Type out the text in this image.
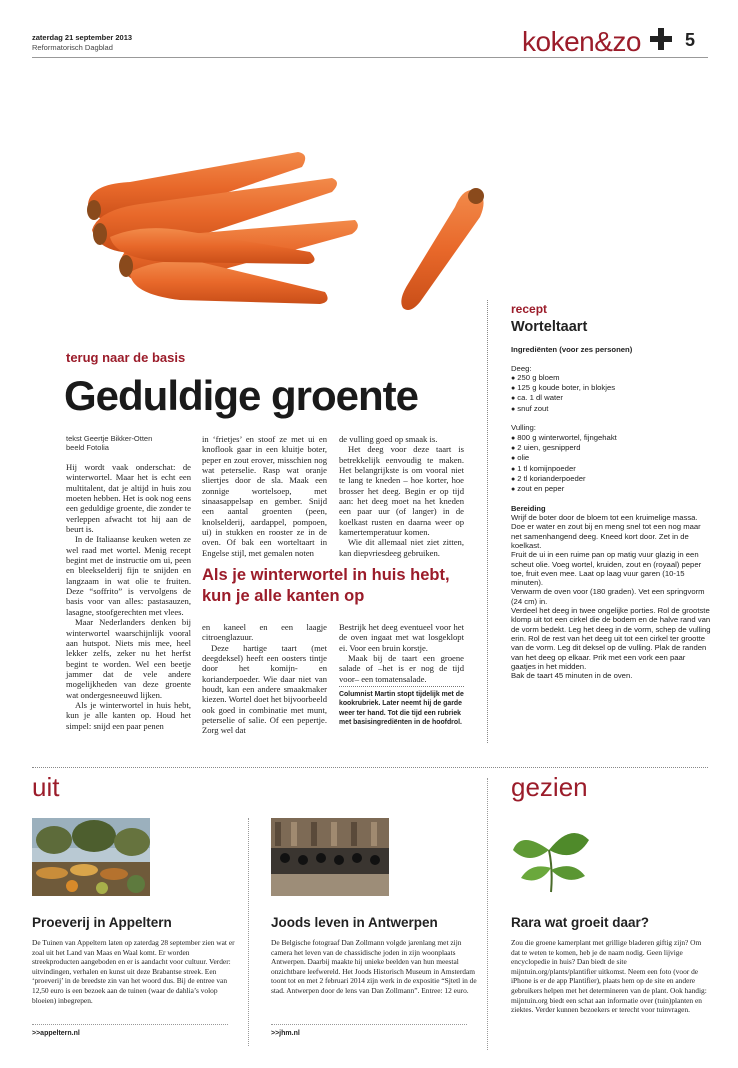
zaterdag 21 september 2013
Reformatorisch Dagblad	koken&zo 5
terug naar de basis
Geduldige groente
tekst Geertje Bikker-Otten
beeld Fotolia

Hij wordt vaak onderschat: de winterwortel. Maar het is echt een multitalent, dat je altijd in huis zou moeten hebben. Het is ook nog eens een geduldige groente, die zonder te verleppen afwacht tot hij aan de beurt is.

In de Italiaanse keuken weten ze wel raad met wortel. Menig recept begint met de instructie om ui, peen en bleekselderij fijn te snijden en langzaam in wat olie te fruiten. Deze “soffrito” is vervolgens de basis voor van alles: pastasauzen, lasagne, stoofgerechten met vlees.

Maar Nederlanders denken bij winterwortel waarschijnlijk vooral aan hutspot. Niets mis mee, heel lekker zelfs, zeker nu het herfst begint te worden. Wel een beetje jammer dat de vele andere mogelijkheden van deze groente wat ondergesneeuwd lijken.

Als je winterwortel in huis hebt, kun je alle kanten op. Houd het simpel: snijd een paar penen

in ‘frietjes’ en stoof ze met ui en knoflook gaar in een kluitje boter, peper en zout erover, misschien nog wat peterselie. Rasp wat oranje sliertjes door de sla. Maak een zonnige wortelsoep, met sinaasappelsap en gember. Snijd een aantal groenten (peen, knolselderij, aardappel, pompoen, ui) in stukken en rooster ze in de oven. Of bak een worteltaart in Engelse stijl, met gemalen noten

de vulling goed op smaak is.

Het deeg voor deze taart is betrekkelijk eenvoudig te maken. Het belangrijkste is om vooral niet te lang te kneden – hoe korter, hoe brosser het deeg. Begin er op tijd aan: het deeg moet na het kneden een paar uur (of langer) in de koelkast rusten en daarna weer op kamertemperatuur komen.

Wie dit allemaal niet ziet zitten, kan diepvriesdeeg gebruiken.

Als je winterwortel in huis hebt, kun je alle kanten op

en kaneel en een laagje citroenglazuur.

Deze hartige taart (met deegdeksel) heeft een oosters tintje door het komijn- en korianderpoeder. Wie daar niet van houdt, kan een andere smaakmaker kiezen. Wortel doet het bijvoorbeeld ook goed in combinatie met munt, peterselie of salie. Of een pepertje. Zorg wel dat

Bestrijk het deeg eventueel voor het de oven ingaat met wat losgeklopt ei. Voor een bruin korstje.

Maak bij de taart een groene salade of –het is er nog de tijd voor– een tomatensalade.

Columnist Martin stopt tijdelijk met de kookrubriek. Later neemt hij de garde weer ter hand. Tot die tijd een rubriek met basisingrediënten in de hoofdrol.
recept
Worteltaart
Ingrediënten (voor zes personen)
Deeg:
● 250 g bloem
● 125 g koude boter, in blokjes
● ca. 1 dl water
● snuf zout
Vulling:
● 800 g winterwortel, fijngehakt
● 2 uien, gesnipperd
● olie
● 1 tl komijnpoeder
● 2 tl korianderpoeder
● zout en peper
Bereiding
Wrijf de boter door de bloem tot een kruimelige massa. Doe er water en zout bij en meng snel tot een nog maar net samenhangend deeg. Kneed kort door. Zet in de koelkast.
Fruit de ui in een ruime pan op matig vuur glazig in een scheut olie. Voeg wortel, kruiden, zout en (royaal) peper toe, fruit even mee. Laat op laag vuur garen (10-15 minuten).
Verwarm de oven voor (180 graden). Vet een springvorm (24 cm) in.
Verdeel het deeg in twee ongelijke porties. Rol de grootste klomp uit tot een cirkel die de bodem en de halve rand van de vorm bedekt. Leg het deeg in de vorm, schep de vulling erin. Rol de rest van het deeg uit tot een cirkel ter grootte van de vorm. Leg dit deksel op de vulling. Plak de randen van het deeg op elkaar. Prik met een vork een paar gaatjes in het midden.
Bak de taart 45 minuten in de oven.
uit	gezien
Proeverij in Appeltern
De Tuinen van Appeltern laten op zaterdag 28 september zien wat er zoal uit het Land van Maas en Waal komt. Er worden streekproducten aangeboden en er is aandacht voor cultuur. Verder: uitvindingen, verhalen en kunst uit deze Brabantse streek. Een ‘proeverij’ in de breedste zin van het woord dus. Bij de entree van 12,50 euro is een bezoek aan de tuinen (waar de dahlia’s volop bloeien) inbegrepen.
>>appeltern.nl
Joods leven in Antwerpen
De Belgische fotograaf Dan Zollmann volgde jarenlang met zijn camera het leven van de chassidische joden in zijn woonplaats Antwerpen. Daarbij maakte hij unieke beelden van hun meestal onzichtbare leefwereld. Het Joods Historisch Museum in Amsterdam toont tot en met 2 februari 2014 zijn werk in de expositie “Sjtetl in de stad. Antwerpen door de lens van Dan Zollmann”. Entree: 12 euro.
>>jhm.nl
Rara wat groeit daar?
Zou die groene kamerplant met grillige bladeren giftig zijn? Om dat te weten te komen, heb je de naam nodig. Geen lijvige encyclopedie in huis? Dan biedt de site mijntuin.org/plants/plantifier uitkomst. Neem een foto (voor de iPhone is er de app Plantifier), plaats hem op de site en andere gebruikers helpen met het determineren van de plant. Ook handig: mijntuin.org biedt een schat aan informatie over (tuin)planten en ziektes. Verder kunnen bezoekers er terecht voor tuinvragen.
